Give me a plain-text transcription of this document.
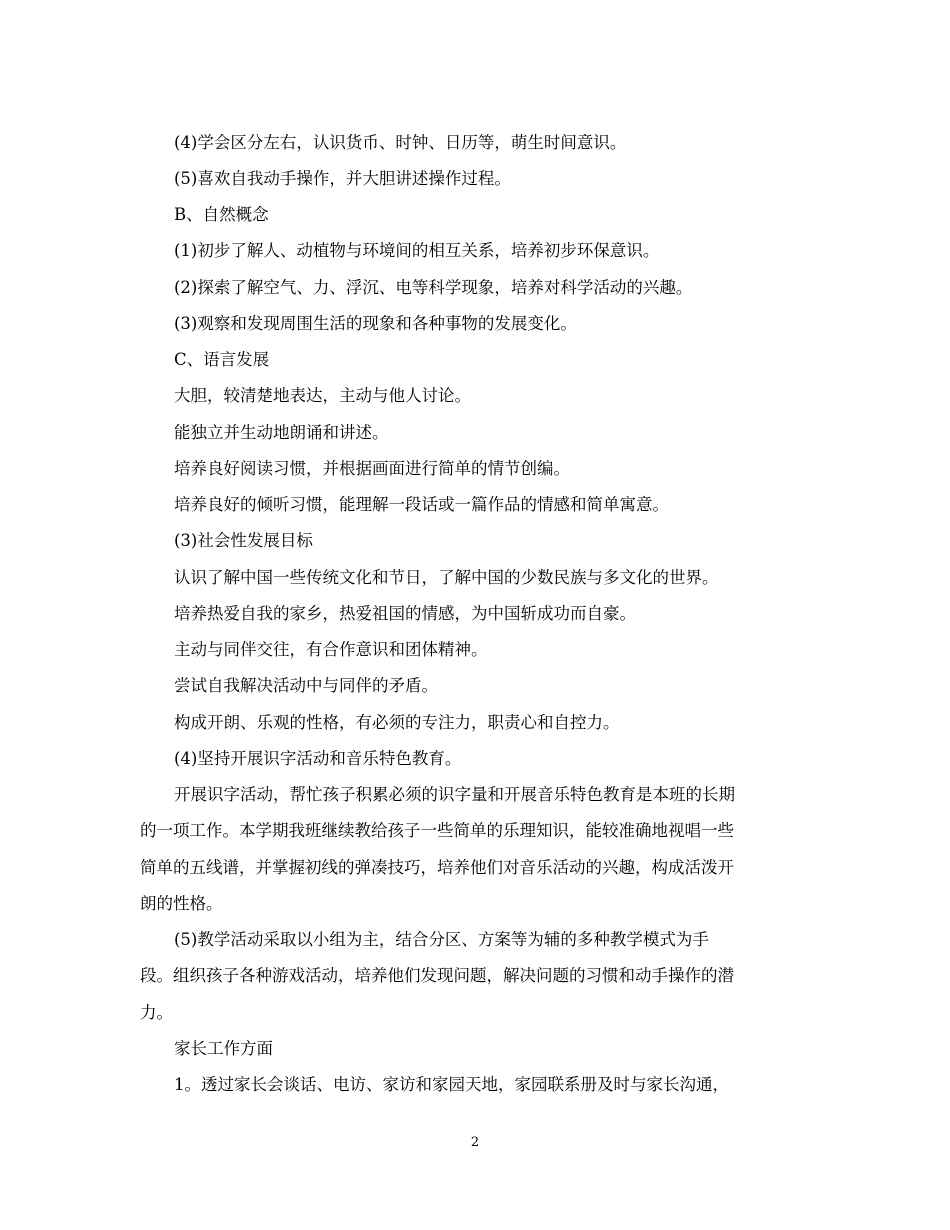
(4)学会区分左右，认识货币、时钟、日历等，萌生时间意识。
(5)喜欢自我动手操作，并大胆讲述操作过程。
B、自然概念
(1)初步了解人、动植物与环境间的相互关系，培养初步环保意识。
(2)探索了解空气、力、浮沉、电等科学现象，培养对科学活动的兴趣。
(3)观察和发现周围生活的现象和各种事物的发展变化。
C、语言发展
大胆，较清楚地表达，主动与他人讨论。
能独立并生动地朗诵和讲述。
培养良好阅读习惯，并根据画面进行简单的情节创编。
培养良好的倾听习惯，能理解一段话或一篇作品的情感和简单寓意。
(3)社会性发展目标
认识了解中国一些传统文化和节日，了解中国的少数民族与多文化的世界。
培养热爱自我的家乡，热爱祖国的情感，为中国斩成功而自豪。
主动与同伴交往，有合作意识和团体精神。
尝试自我解决活动中与同伴的矛盾。
构成开朗、乐观的性格，有必须的专注力，职责心和自控力。
(4)坚持开展识字活动和音乐特色教育。
开展识字活动，帮忙孩子积累必须的识字量和开展音乐特色教育是本班的长期
的一项工作。本学期我班继续教给孩子一些简单的乐理知识，能较准确地视唱一些
简单的五线谱，并掌握初线的弹凑技巧，培养他们对音乐活动的兴趣，构成活泼开
朗的性格。
(5)教学活动采取以小组为主，结合分区、方案等为辅的多种教学模式为手
段。组织孩子各种游戏活动，培养他们发现问题，解决问题的习惯和动手操作的潜
力。
家长工作方面
1。透过家长会谈话、电访、家访和家园天地，家园联系册及时与家长沟通，
2
